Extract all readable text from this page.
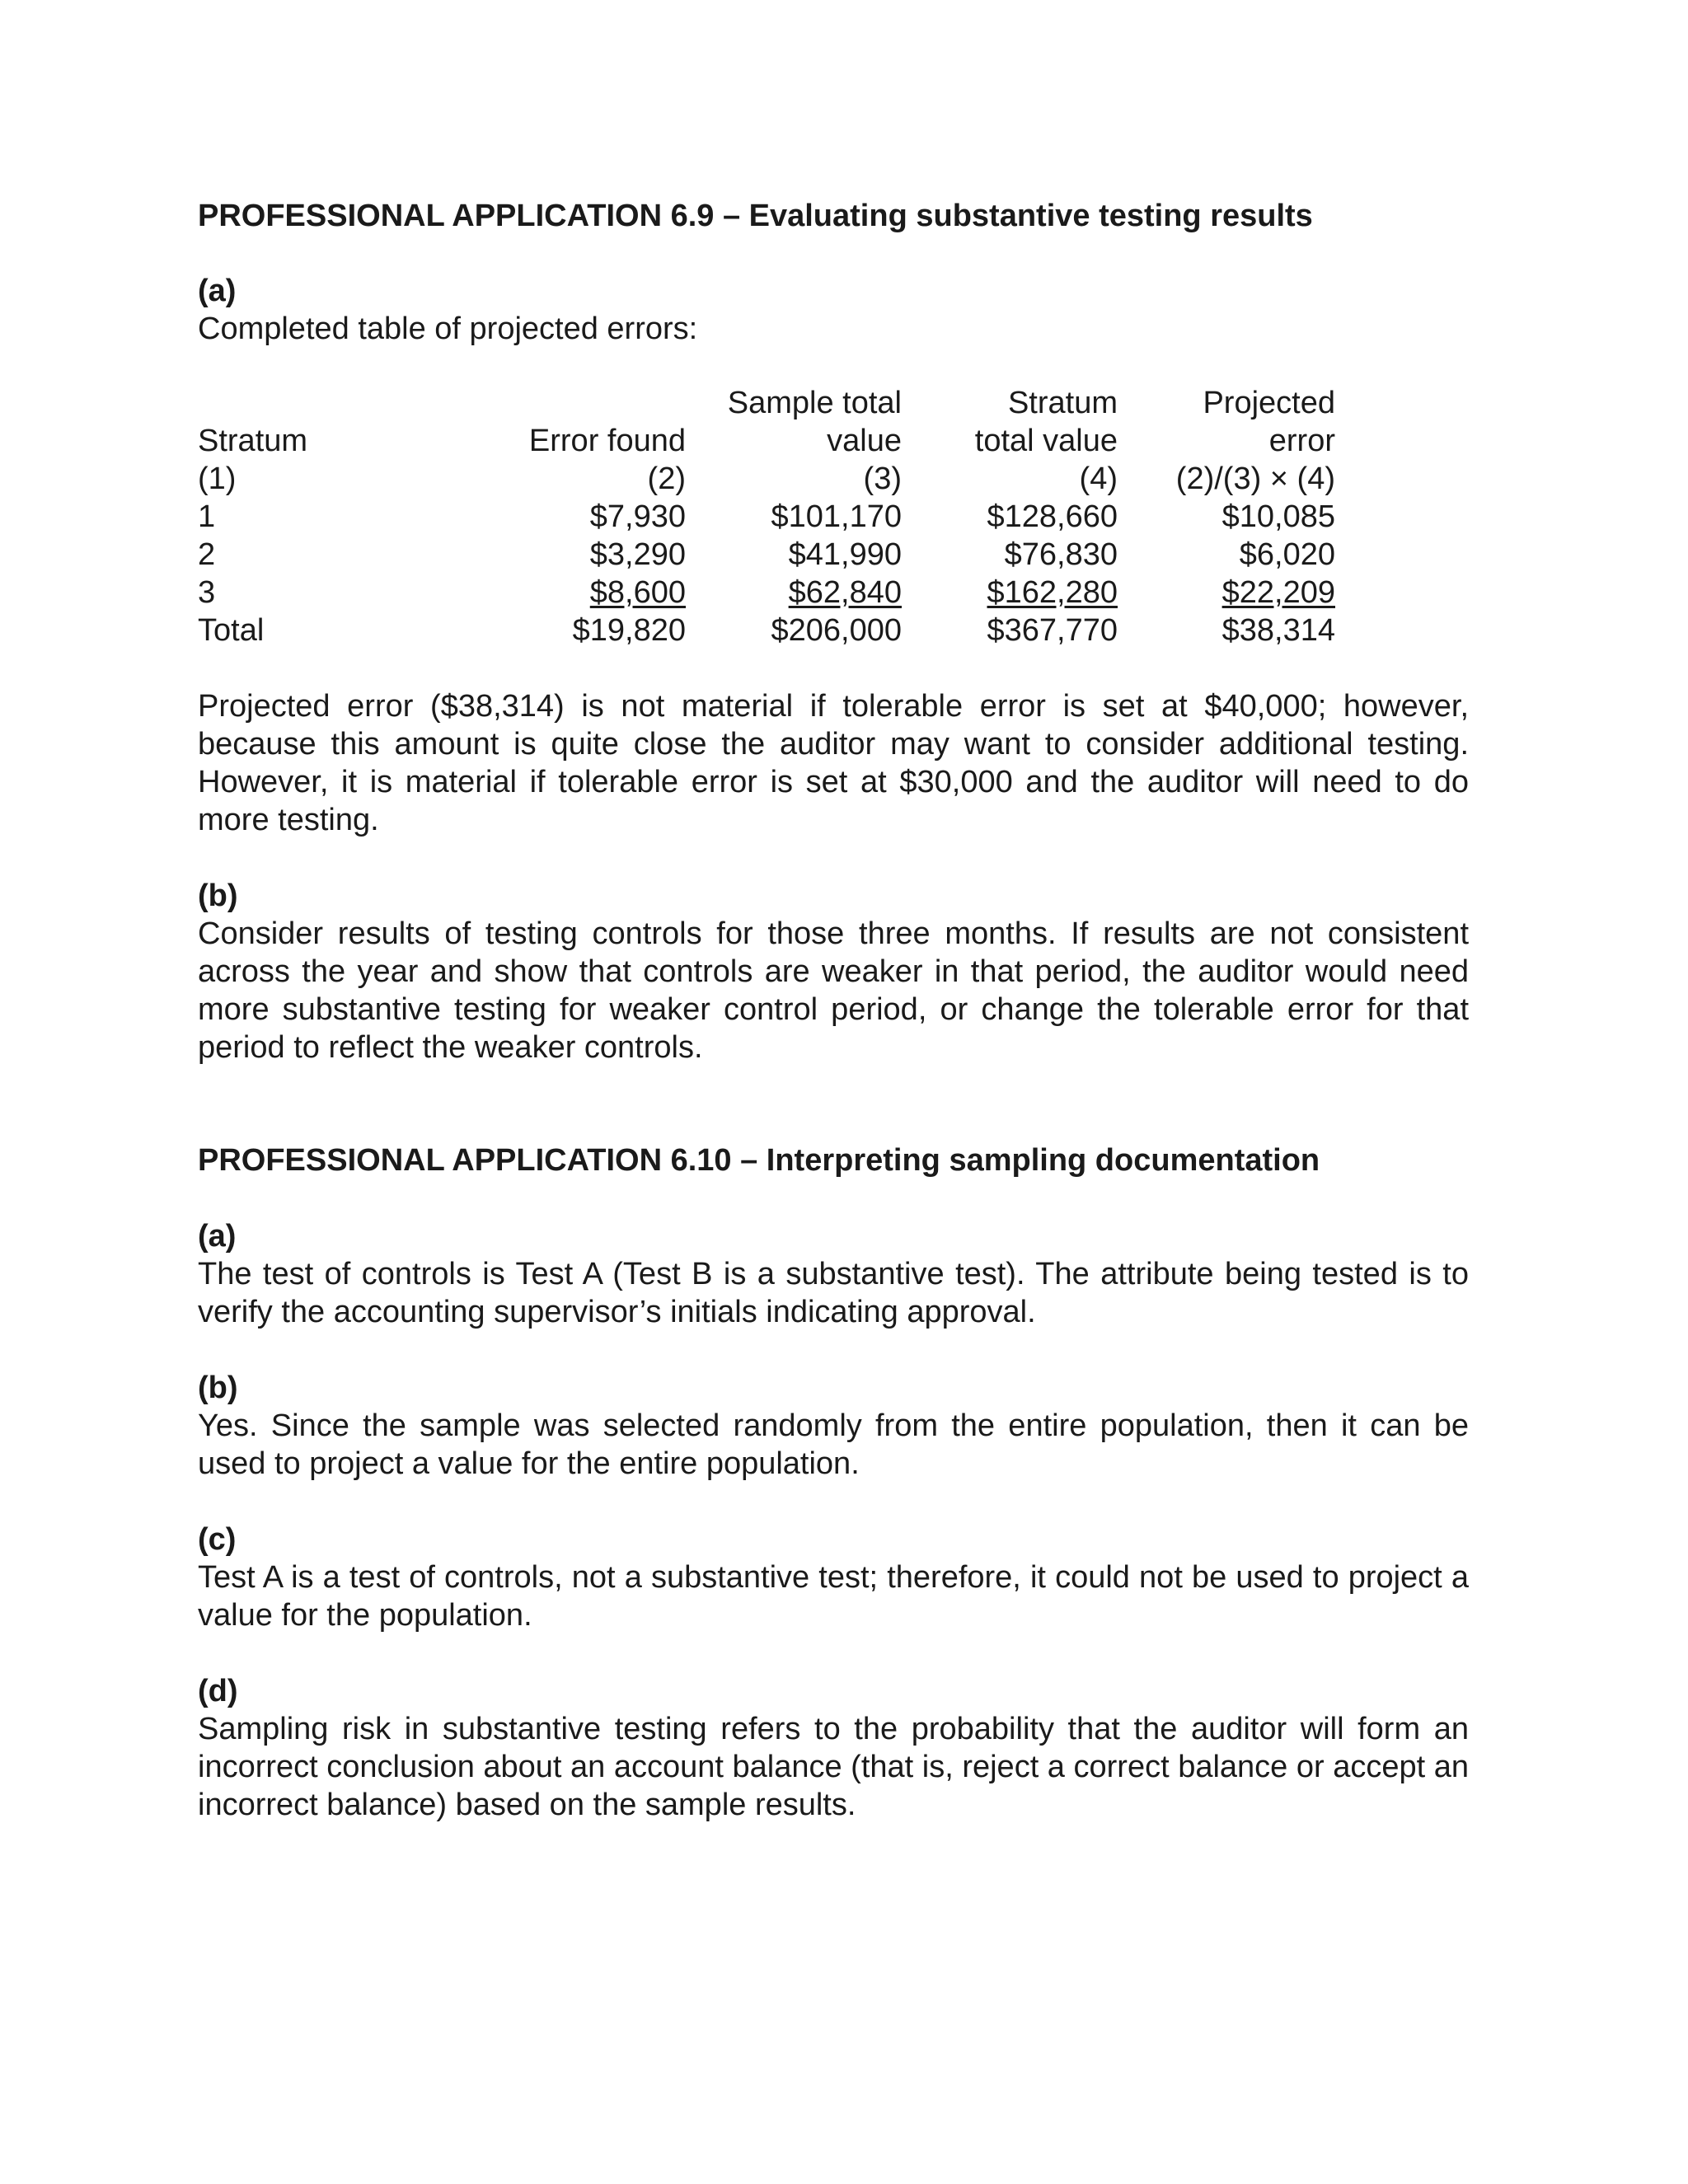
PROFESSIONAL APPLICATION 6.9 – Evaluating substantive testing results
(a)
Completed table of projected errors:
		Sample total	Stratum	Projected
Stratum	Error found	value	total value	error
(1)	(2)	(3)	(4)	(2)/(3) × (4)
1	$7,930	$101,170	$128,660	$10,085
2	$3,290	$41,990	$76,830	$6,020
3	$8,600	$62,840	$162,280	$22,209
Total	$19,820	$206,000	$367,770	$38,314

Projected error ($38,314) is not material if tolerable error is set at $40,000; however, because this amount is quite close the auditor may want to consider additional testing. However, it is material if tolerable error is set at $30,000 and the auditor will need to do more testing.

(b)

Consider results of testing controls for those three months. If results are not consistent across the year and show that controls are weaker in that period, the auditor would need more substantive testing for weaker control period, or change the tolerable error for that period to reflect the weaker controls.

PROFESSIONAL APPLICATION 6.10 – Interpreting sampling documentation
(a)

The test of controls is Test A (Test B is a substantive test). The attribute being tested is to verify the accounting supervisor’s initials indicating approval.

(b)

Yes. Since the sample was selected randomly from the entire population, then it can be used to project a value for the entire population.

(c)

Test A is a test of controls, not a substantive test; therefore, it could not be used to project a value for the population.

(d)

Sampling risk in substantive testing refers to the probability that the auditor will form an incorrect conclusion about an account balance (that is, reject a correct balance or accept an incorrect balance) based on the sample results.
